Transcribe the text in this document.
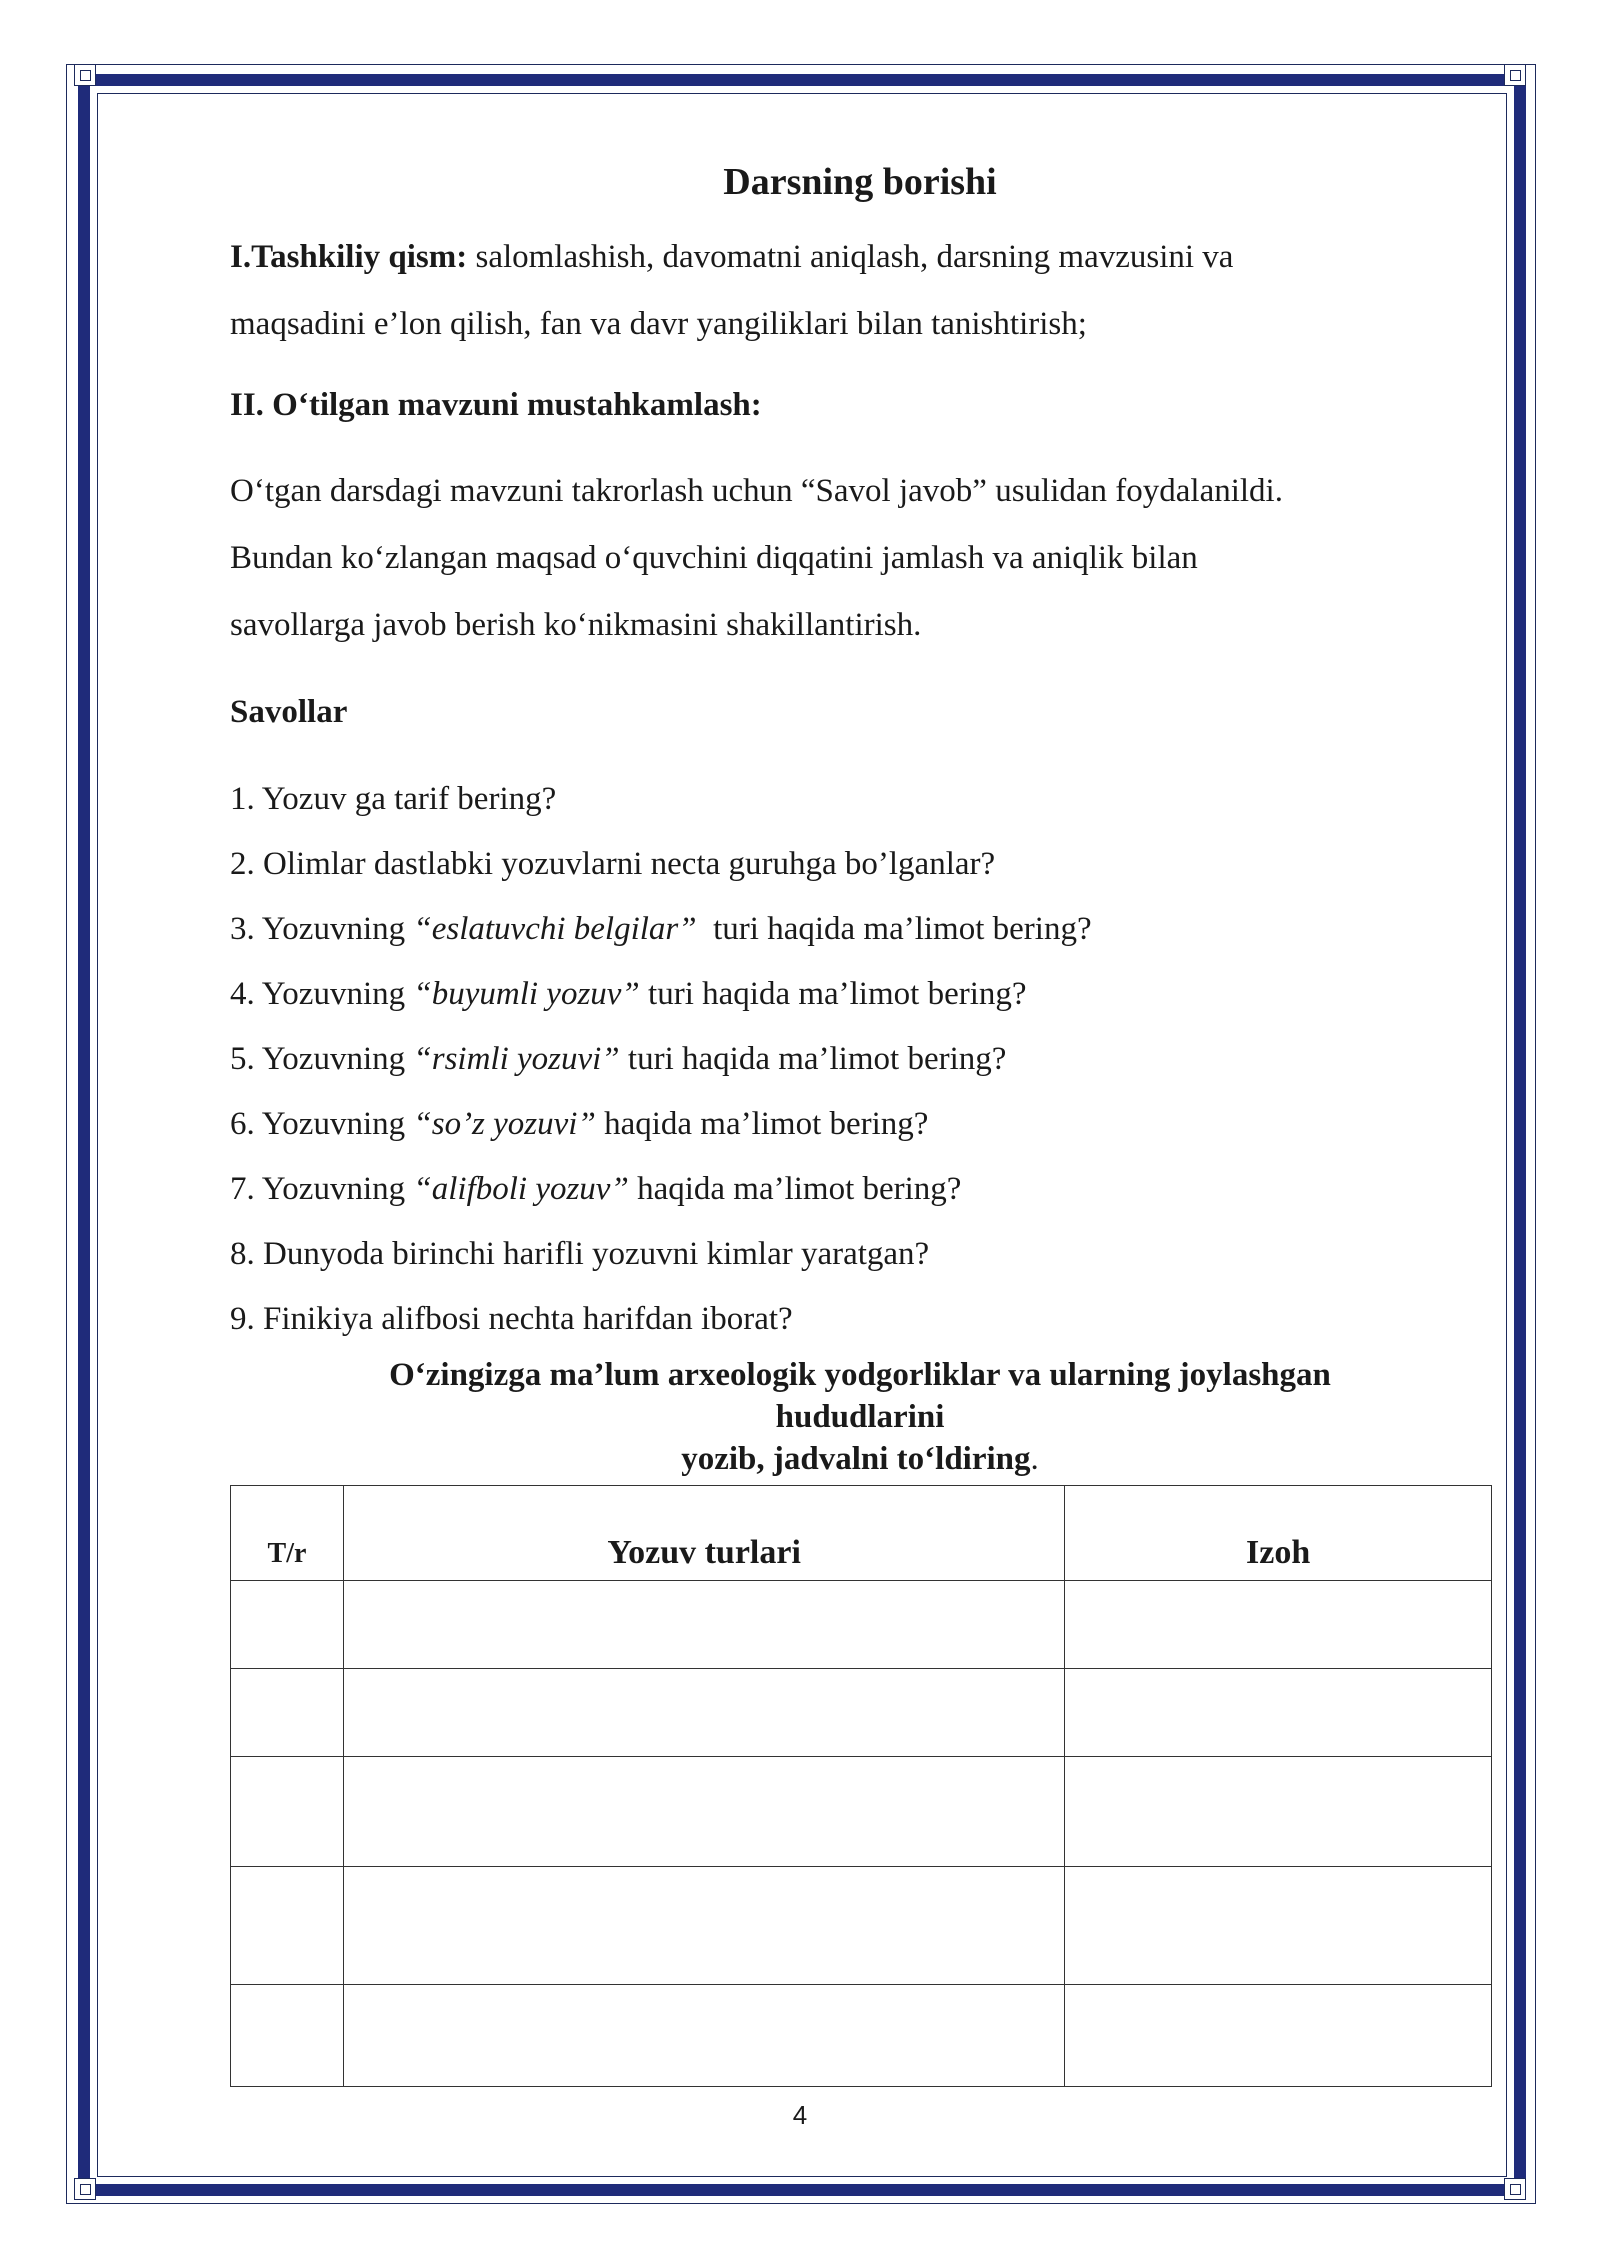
Darsning borishi

I.Tashkiliy qism: salomlashish, davomatni aniqlash, darsning mavzusini va

maqsadini e’lon qilish, fan va davr yangiliklari bilan tanishtirish;

II. O‘tilgan mavzuni mustahkamlash:

O‘tgan darsdagi mavzuni takrorlash uchun “Savol javob” usulidan foydalanildi.

Bundan ko‘zlangan maqsad o‘quvchini diqqatini jamlash va aniqlik bilan

savollarga javob berish ko‘nikmasini shakillantirish.

Savollar

1. Yozuv ga tarif bering?
2. Olimlar dastlabki yozuvlarni necta guruhga bo’lganlar?
3. Yozuvning “eslatuvchi belgilar”  turi haqida ma’limot bering?
4. Yozuvning “buyumli yozuv” turi haqida ma’limot bering?
5. Yozuvning “rsimli yozuvi” turi haqida ma’limot bering?
6. Yozuvning “so’z yozuvi” haqida ma’limot bering?
7. Yozuvning “alifboli yozuv” haqida ma’limot bering?
8. Dunyoda birinchi harifli yozuvni kimlar yaratgan?
9. Finikiya alifbosi nechta harifdan iborat?
O‘zingizga ma’lum arxeologik yodgorliklar va ularning joylashgan
hududlarini
yozib, jadvalni to‘ldiring.
T/r	Yozuv turlari	Izoh

4
